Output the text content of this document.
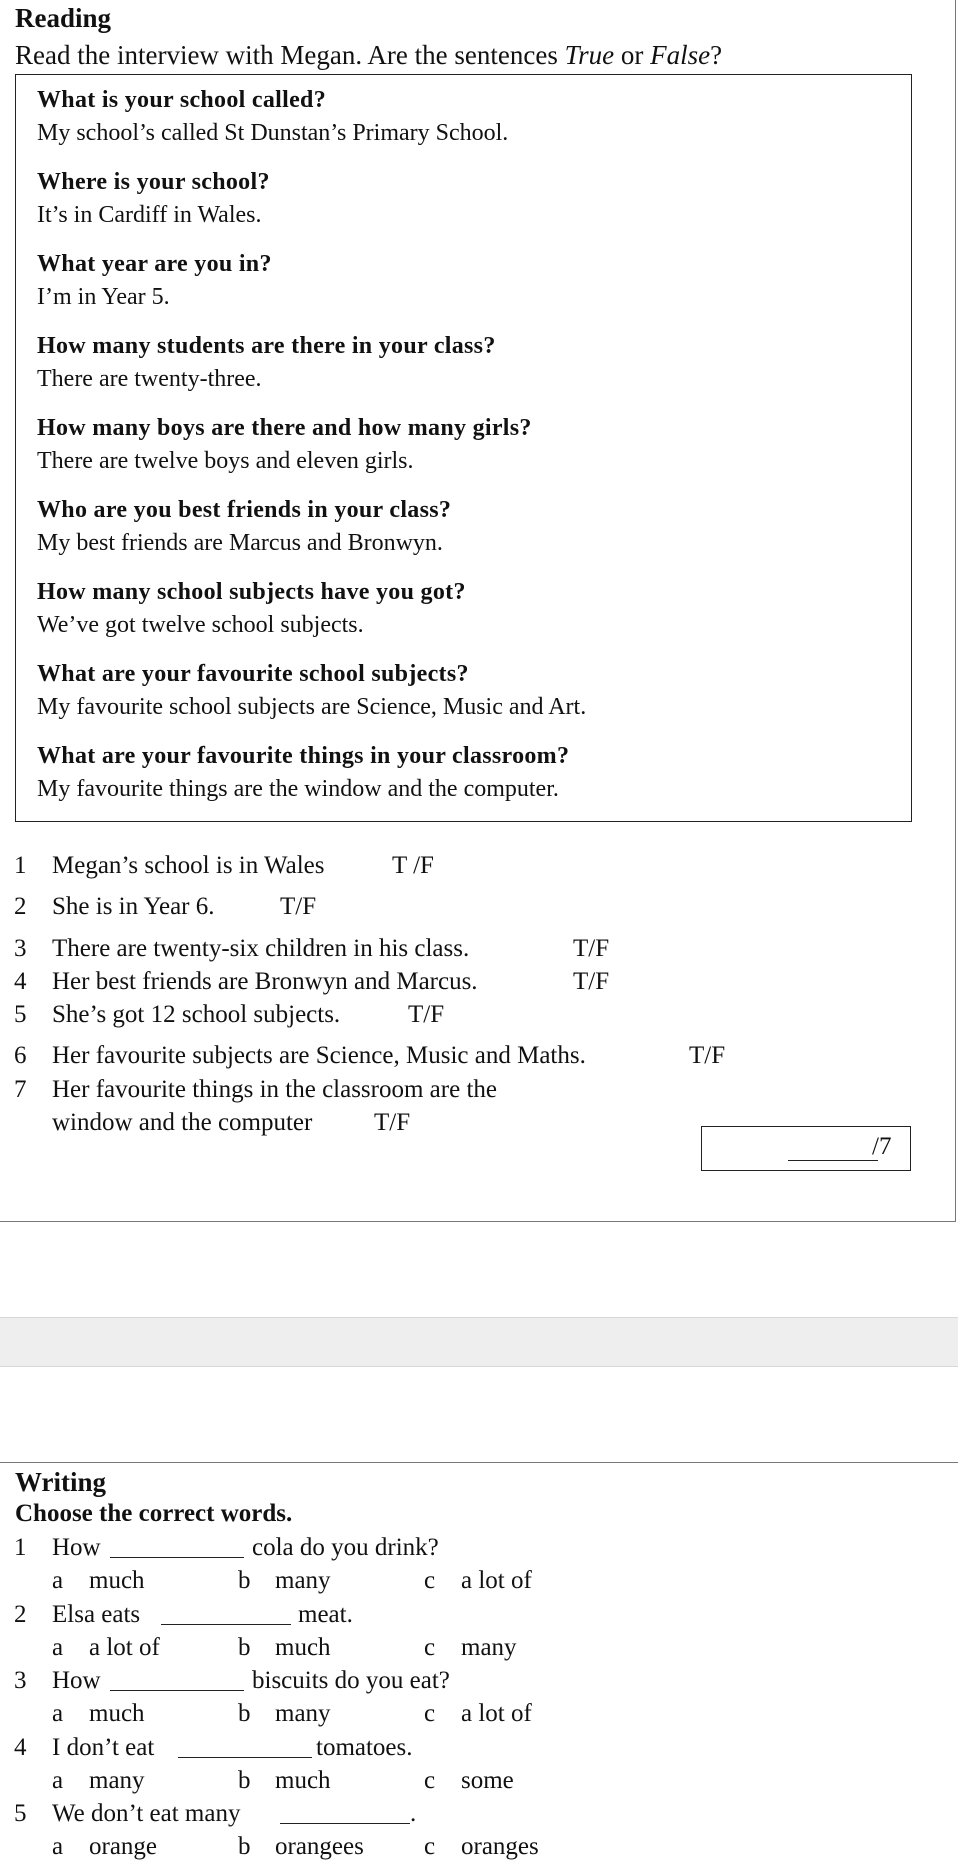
Reading
Read the interview with Megan. Are the sentences True or False?
What is your school called?
My school’s called St Dunstan’s Primary School.
Where is your school?
It’s in Cardiff in Wales.
What year are you in?
I’m in Year 5.
How many students are there in your class?
There are twenty-three.
How many boys are there and how many girls?
There are twelve boys and eleven girls.
Who are you best friends in your class?
My best friends are Marcus and Bronwyn.
How many school subjects have you got?
We’ve got twelve school subjects.
What are your favourite school subjects?
My favourite school subjects are Science, Music and Art.
What are your favourite things in your classroom?
My favourite things are the window and the computer.
1 Megan’s school is in Wales	T /F
2 She is in Year 6.	T/F
3 There are twenty-six children in his class.	T/F
4 Her best friends are Bronwyn and Marcus.	T/F
5 She’s got 12 school subjects.	T/F
6 Her favourite subjects are Science, Music and Maths.	T/F
7 Her favourite things in the classroom are the
window and the computer T/F
/7
Writing
Choose the correct words.
1 How	cola do you drink?
a much	b many	c a lot of
2 Elsa eats	meat.
a a lot of	b much	c many
3 How	biscuits do you eat?
a much	b many	c a lot of
4 I don’t eat	tomatoes.
a many	b much	c some
5 We don’t eat many	.
a orange	b orangees c oranges
